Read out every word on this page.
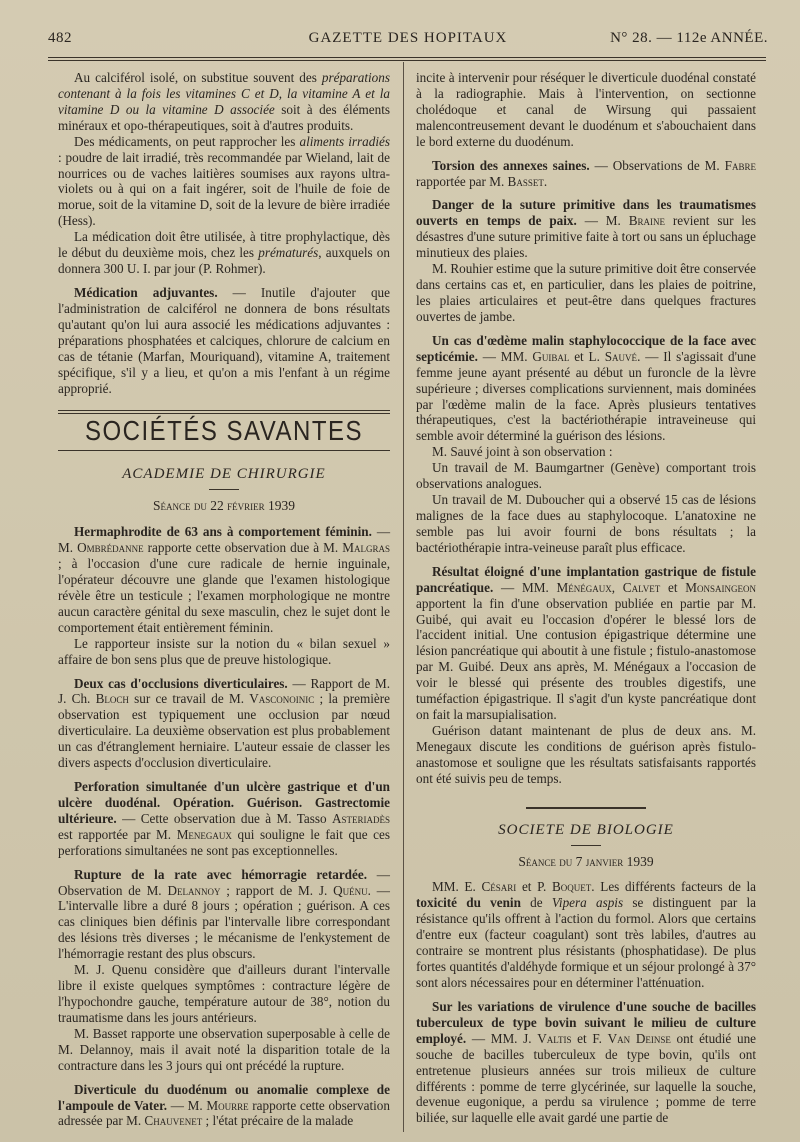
482	GAZETTE DES HOPITAUX	N° 28. — 112e ANNÉE.

Au calciférol isolé, on substitue souvent des préparations contenant à la fois les vitamines C et D, la vitamine A et la vitamine D ou la vitamine D associée soit à des éléments minéraux et opo-thérapeutiques, soit à d'autres produits.

Des médicaments, on peut rapprocher les aliments irradiés : poudre de lait irradié, très recommandée par Wieland, lait de nourrices ou de vaches laitières soumises aux rayons ultra-violets ou à qui on a fait ingérer, soit de l'huile de foie de morue, soit de la vitamine D, soit de la levure de bière irradiée (Hess).

La médication doit être utilisée, à titre prophylactique, dès le début du deuxième mois, chez les prématurés, auxquels on donnera 300 U. I. par jour (P. Rohmer).

Médication adjuvantes. — Inutile d'ajouter que l'administration de calciférol ne donnera de bons résultats qu'autant qu'on lui aura associé les médications adjuvantes : préparations phosphatées et calciques, chlorure de calcium en cas de tétanie (Marfan, Mouriquand), vitamine A, traitement spécifique, s'il y a lieu, et qu'on a mis l'enfant à un régime approprié.

SOCIÉTÉS SAVANTES
ACADEMIE DE CHIRURGIE
Séance du 22 février 1939

Hermaphrodite de 63 ans à comportement féminin. — M. Ombrédanne rapporte cette observation due à M. Malgras ; à l'occasion d'une cure radicale de hernie inguinale, l'opérateur découvre une glande que l'examen histologique révèle être un testicule ; l'examen morphologique ne montre aucun caractère génital du sexe masculin, chez le sujet dont le comportement était entièrement féminin.

Le rapporteur insiste sur la notion du « bilan sexuel » affaire de bon sens plus que de preuve histologique.

Deux cas d'occlusions diverticulaires. — Rapport de M. J. Ch. Bloch sur ce travail de M. Vasconoinic ; la première observation est typiquement une occlusion par nœud diverticulaire. La deuxième observation est plus probablement un cas d'étranglement herniaire. L'auteur essaie de classer les divers aspects d'occlusion diverticulaire.

Perforation simultanée d'un ulcère gastrique et d'un ulcère duodénal. Opération. Guérison. Gastrectomie ultérieure. — Cette observation due à M. Tasso Asteriadès est rapportée par M. Menegaux qui souligne le fait que ces perforations simultanées ne sont pas exceptionnelles.

Rupture de la rate avec hémorragie retardée. — Observation de M. Delannoy ; rapport de M. J. Quénu. — L'intervalle libre a duré 8 jours ; opération ; guérison. A ces cas cliniques bien définis par l'intervalle libre correspondant des lésions très diverses ; le mécanisme de l'enkystement de l'hémorragie restant des plus obscurs.

M. J. Quenu considère que d'ailleurs durant l'intervalle libre il existe quelques symptômes : contracture légère de l'hypochondre gauche, température autour de 38°, notion du traumatisme dans les jours antérieurs.

M. Basset rapporte une observation superposable à celle de M. Delannoy, mais il avait noté la disparition totale de la contracture dans les 3 jours qui ont précédé la rupture.

Diverticule du duodénum ou anomalie complexe de l'ampoule de Vater. — M. Mourre rapporte cette observation adressée par M. Chauvenet ; l'état précaire de la malade

incite à intervenir pour réséquer le diverticule duodénal constaté à la radiographie. Mais à l'intervention, on sectionne cholédoque et canal de Wirsung qui passaient malencontreusement devant le duodénum et s'abouchaient dans le bord externe du duodénum.

Torsion des annexes saines. — Observations de M. Fabre rapportée par M. Basset.

Danger de la suture primitive dans les traumatismes ouverts en temps de paix. — M. Braine revient sur les désastres d'une suture primitive faite à tort ou sans un épluchage minutieux des plaies.

M. Rouhier estime que la suture primitive doit être conservée dans certains cas et, en particulier, dans les plaies de poitrine, les plaies articulaires et peut-être dans quelques fractures ouvertes de jambe.

Un cas d'œdème malin staphylococcique de la face avec septicémie. — MM. Guibal et L. Sauvé. — Il s'agissait d'une femme jeune ayant présenté au début un furoncle de la lèvre supérieure ; diverses complications surviennent, mais dominées par l'œdème malin de la face. Après plusieurs tentatives thérapeutiques, c'est la bactériothérapie intraveineuse qui semble avoir déterminé la guérison des lésions.

M. Sauvé joint à son observation :

Un travail de M. Baumgartner (Genève) comportant trois observations analogues.

Un travail de M. Duboucher qui a observé 15 cas de lésions malignes de la face dues au staphylocoque. L'anatoxine ne semble pas lui avoir fourni de bons résultats ; la bactériothérapie intra-veineuse paraît plus efficace.

Résultat éloigné d'une implantation gastrique de fistule pancréatique. — MM. Ménégaux, Calvet et Monsaingeon apportent la fin d'une observation publiée en partie par M. Guibé, qui avait eu l'occasion d'opérer le blessé lors de l'accident initial. Une contusion épigastrique détermine une lésion pancréatique qui aboutit à une fistule ; fistulo-anastomose par M. Guibé. Deux ans après, M. Ménégaux a l'occasion de voir le blessé qui présente des troubles digestifs, une tuméfaction épigastrique. Il s'agit d'un kyste pancréatique dont on fait la marsupialisation.

Guérison datant maintenant de plus de deux ans. M. Menegaux discute les conditions de guérison après fistulo-anastomose et souligne que les résultats satisfaisants rapportés ont été suivis peu de temps.

SOCIETE DE BIOLOGIE
Séance du 7 janvier 1939

MM. E. Césari et P. Boquet. Les différents facteurs de la toxicité du venin de Vipera aspis se distinguent par la résistance qu'ils offrent à l'action du formol. Alors que certains d'entre eux (facteur coagulant) sont très labiles, d'autres au contraire se montrent plus résistants (phosphatidase). De plus fortes quantités d'aldéhyde formique et un séjour prolongé à 37° sont alors nécessaires pour en déterminer l'atténuation.

Sur les variations de virulence d'une souche de bacilles tuberculeux de type bovin suivant le milieu de culture employé. — MM. J. Valtis et F. Van Deinse ont étudié une souche de bacilles tuberculeux de type bovin, qu'ils ont entretenue plusieurs années sur trois milieux de culture différents : pomme de terre glycérinée, sur laquelle la souche, devenue eugonique, a perdu sa virulence ; pomme de terre biliée, sur laquelle elle avait gardé une partie de
